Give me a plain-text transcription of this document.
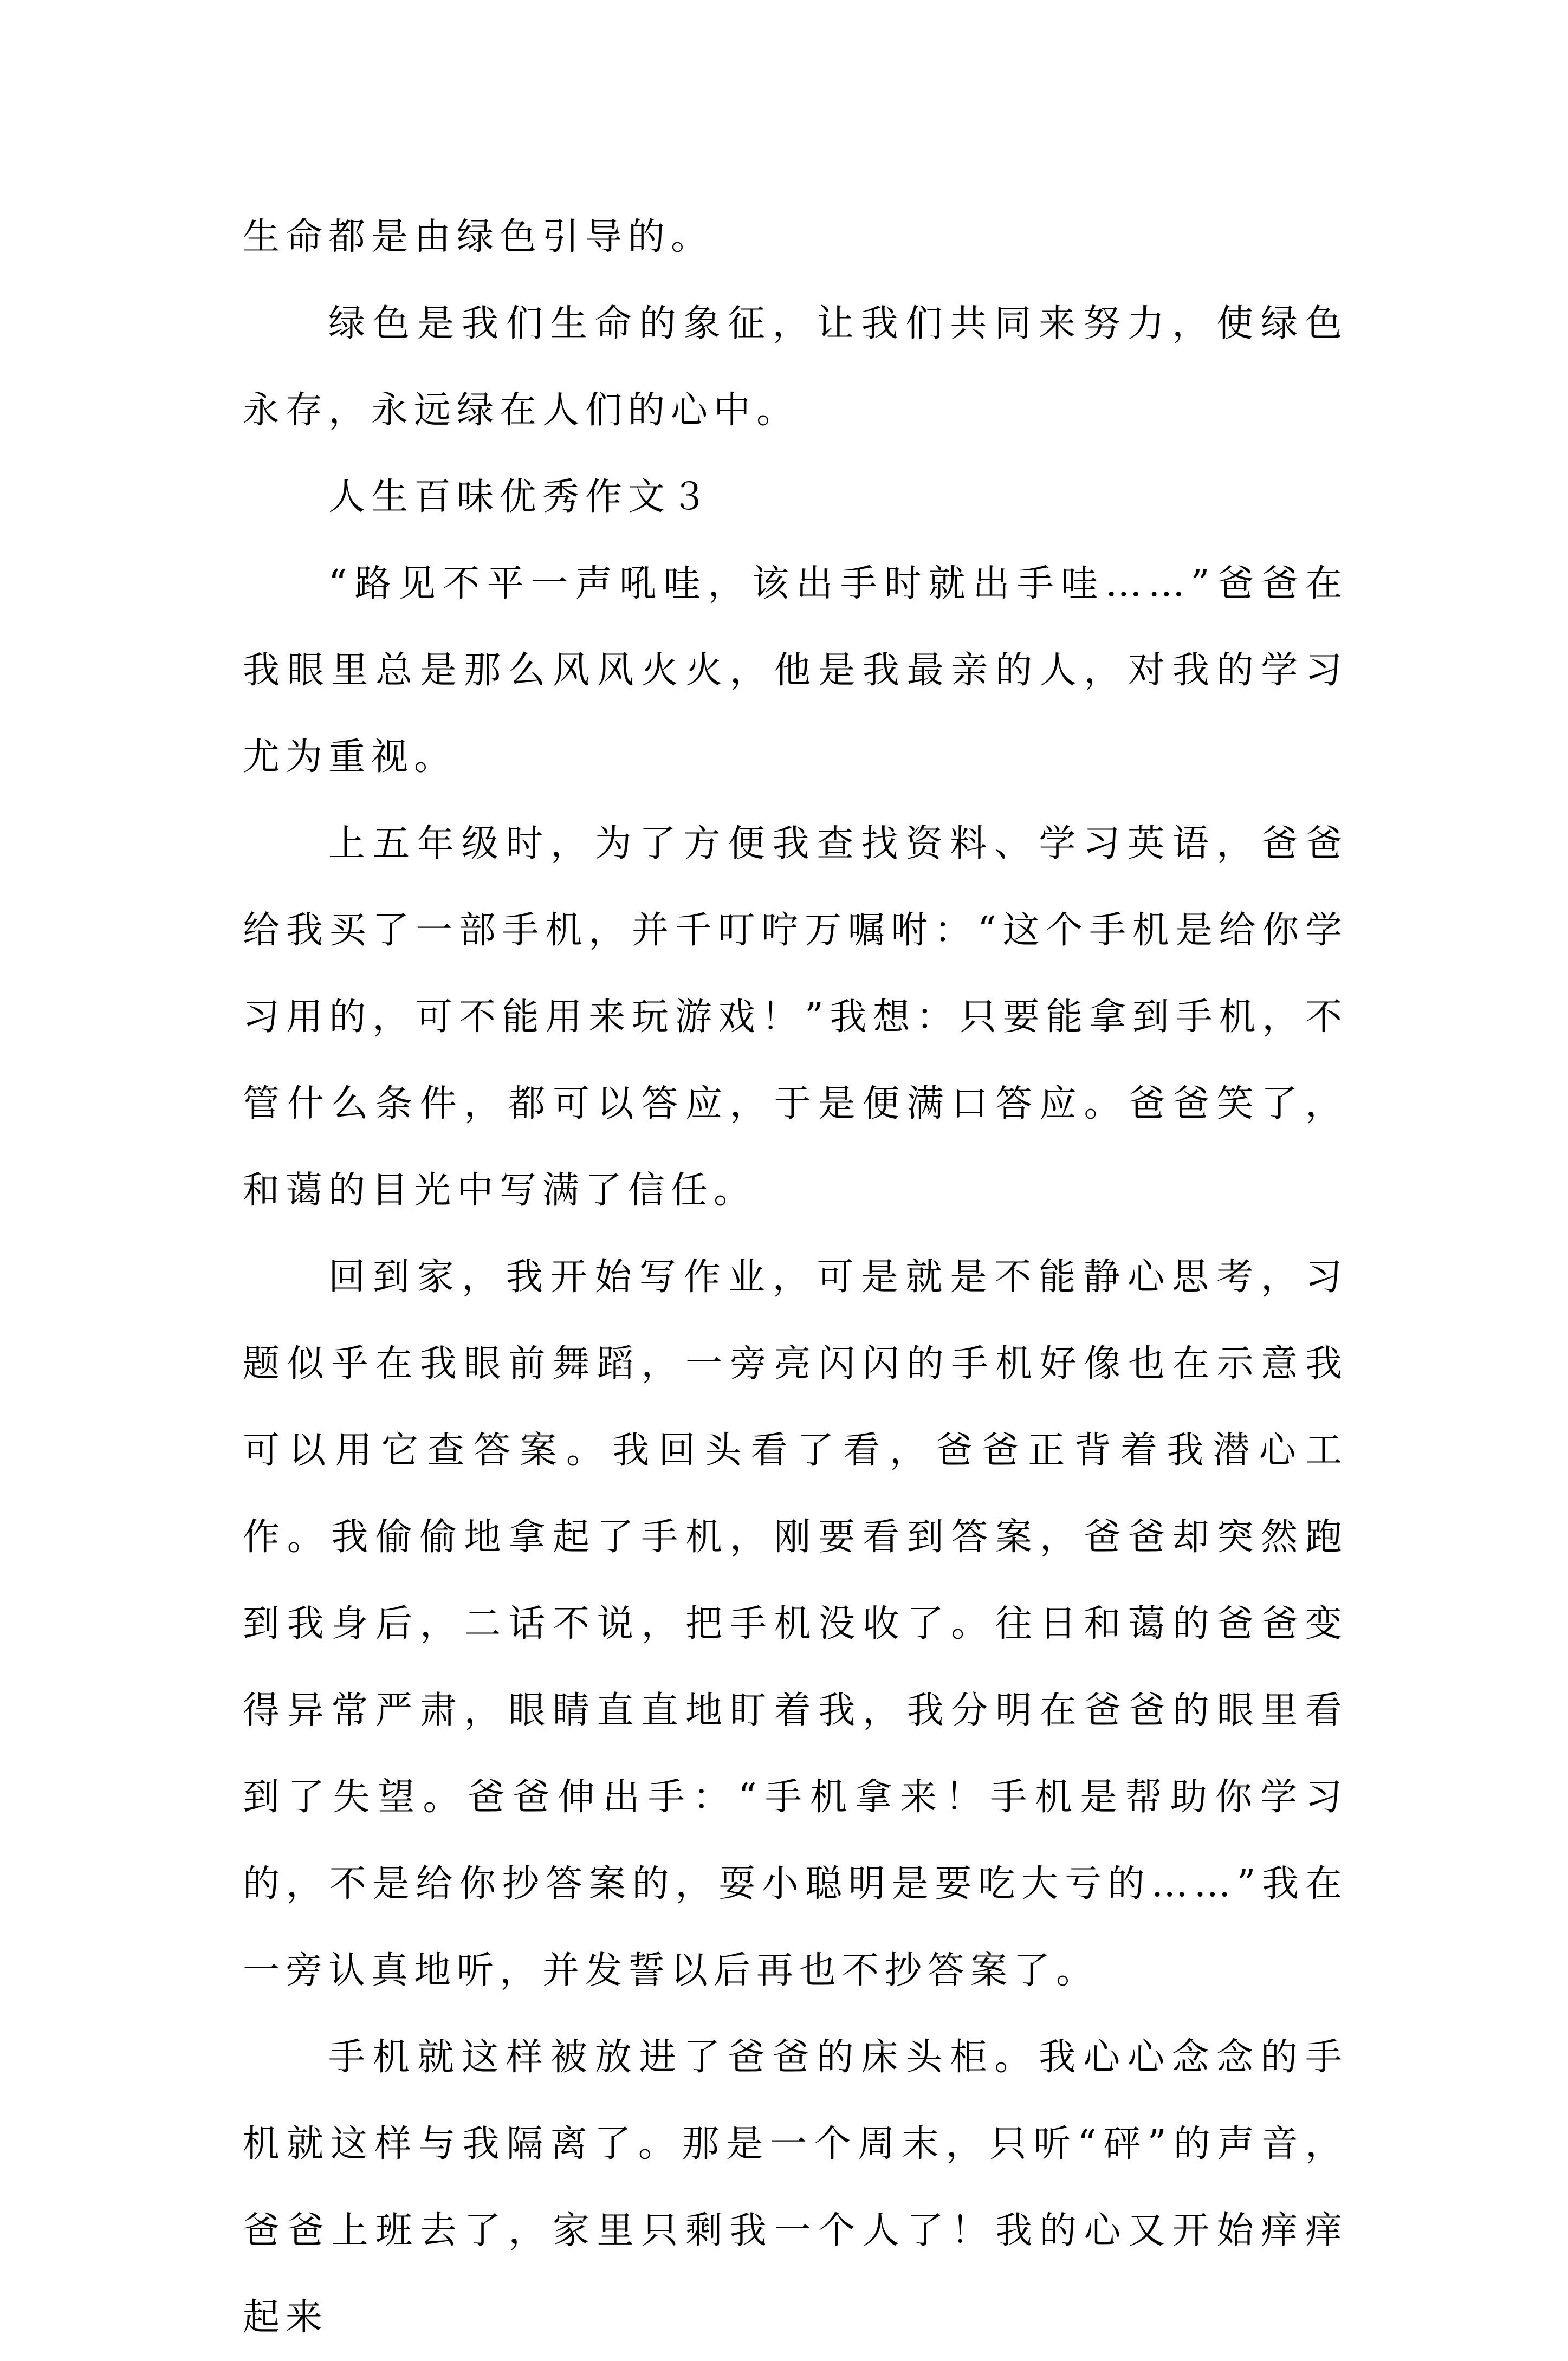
生命都是由绿色引导的。

绿色是我们生命的象征，让我们共同来努力，使绿色永存，永远绿在人们的心中。

人生百味优秀作文３

“路见不平一声吼哇，该出手时就出手哇……”爸爸在我眼里总是那么风风火火，他是我最亲的人，对我的学习尤为重视。

上五年级时，为了方便我查找资料、学习英语，爸爸给我买了一部手机，并千叮咛万嘱咐：“这个手机是给你学习用的，可不能用来玩游戏！”我想：只要能拿到手机，不管什么条件，都可以答应，于是便满口答应。爸爸笑了，和蔼的目光中写满了信任。

回到家，我开始写作业，可是就是不能静心思考，习题似乎在我眼前舞蹈，一旁亮闪闪的手机好像也在示意我可以用它查答案。我回头看了看，爸爸正背着我潜心工作。我偷偷地拿起了手机，刚要看到答案，爸爸却突然跑到我身后，二话不说，把手机没收了。往日和蔼的爸爸变得异常严肃，眼睛直直地盯着我，我分明在爸爸的眼里看到了失望。爸爸伸出手：“手机拿来！手机是帮助你学习的，不是给你抄答案的，耍小聪明是要吃大亏的……”我在一旁认真地听，并发誓以后再也不抄答案了。

手机就这样被放进了爸爸的床头柜。我心心念念的手机就这样与我隔离了。那是一个周末，只听“砰”的声音，爸爸上班去了，家里只剩我一个人了！我的心又开始痒痒起来
